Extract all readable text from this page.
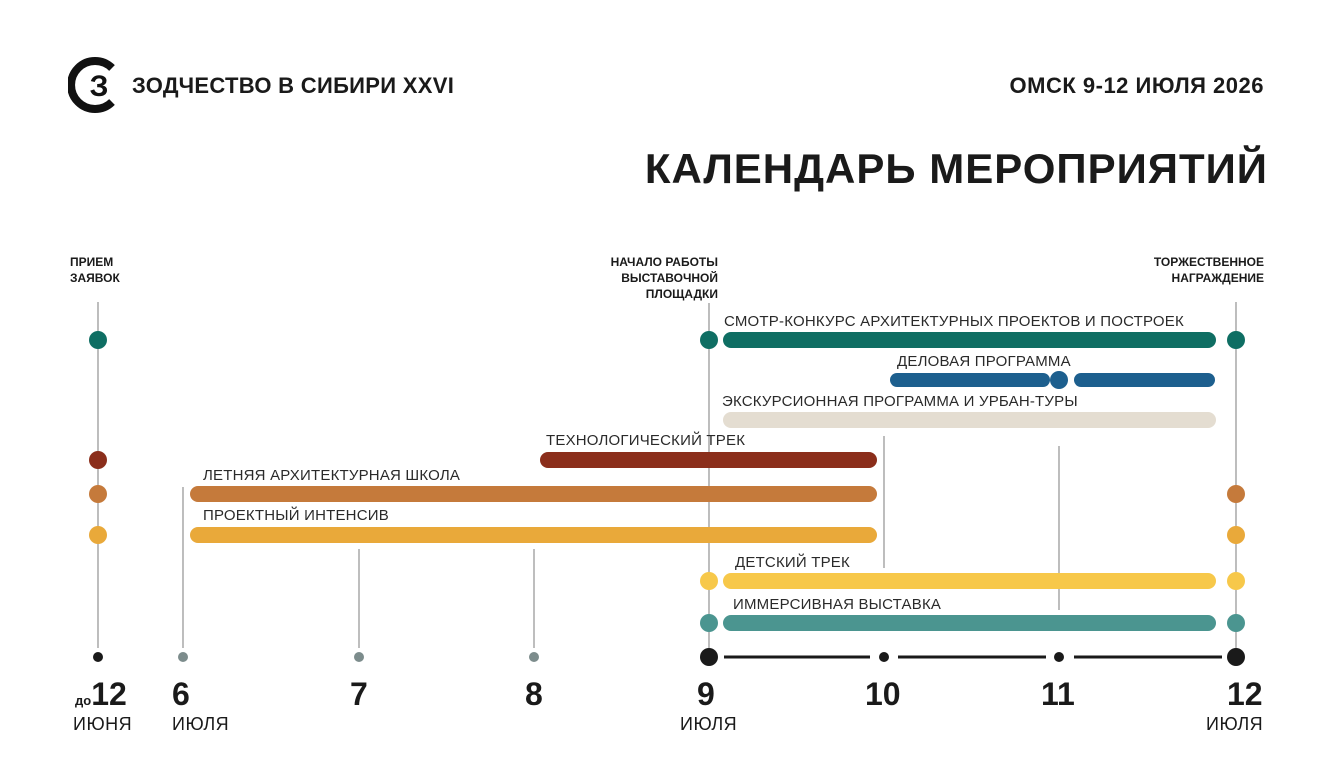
З ЗОДЧЕСТВО В СИБИРИ XXVI	ОМСК 9-12 ИЮЛЯ 2026
КАЛЕНДАРЬ МЕРОПРИЯТИЙ
ПРИЕМ
ЗАЯВОК
НАЧАЛО РАБОТЫ
ВЫСТАВОЧНОЙ
ПЛОЩАДКИ
ТОРЖЕСТВЕННОЕ
НАГРАЖДЕНИЕ
СМОТР-КОНКУРС АРХИТЕКТУРНЫХ ПРОЕКТОВ И ПОСТРОЕК
ДЕЛОВАЯ ПРОГРАММА
ЭКСКУРСИОННАЯ ПРОГРАММА И УРБАН-ТУРЫ
ТЕХНОЛОГИЧЕСКИЙ ТРЕК
ЛЕТНЯЯ АРХИТЕКТУРНАЯ ШКОЛА
ПРОЕКТНЫЙ ИНТЕНСИВ
ДЕТСКИЙ ТРЕК
ИММЕРСИВНАЯ ВЫСТАВКА
до12
ИЮНЯ
6
ИЮЛЯ
7	8	9
ИЮЛЯ
10	11	12
ИЮЛЯ
